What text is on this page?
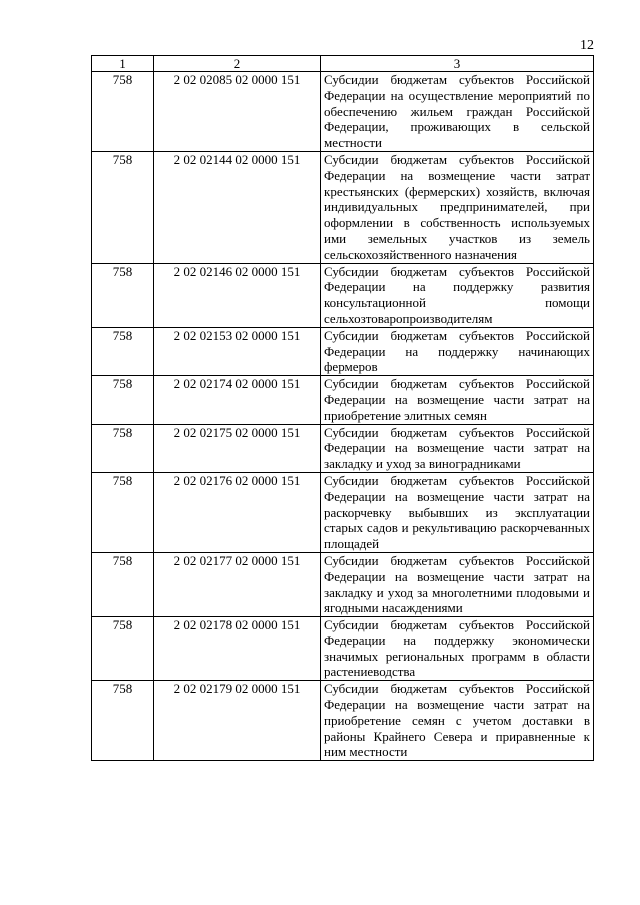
12
1	2	3
758	2 02 02085 02 0000 151	Субсидии бюджетам субъектов Российской Федерации на осуществление мероприятий по обеспечению жильем граждан Российской Федерации, проживающих в сельской местности
758	2 02 02144 02 0000 151	Субсидии бюджетам субъектов Российской Федерации на возмещение части затрат крестьянских (фермерских) хозяйств, включая индивидуальных предпринимателей, при оформлении в собственность используемых ими земельных участков из земель сельскохозяйственного назначения
758	2 02 02146 02 0000 151	Субсидии бюджетам субъектов Российской Федерации на поддержку развития консультационной помощи сельхозтоваропроизводителям
758	2 02 02153 02 0000 151	Субсидии бюджетам субъектов Российской Федерации на поддержку начинающих фермеров
758	2 02 02174 02 0000 151	Субсидии бюджетам субъектов Российской Федерации на возмещение части затрат на приобретение элитных семян
758	2 02 02175 02 0000 151	Субсидии бюджетам субъектов Российской Федерации на возмещение части затрат на закладку и уход за виноградниками
758	2 02 02176 02 0000 151	Субсидии бюджетам субъектов Российской Федерации на возмещение части затрат на раскорчевку выбывших из эксплуатации старых садов и рекультивацию раскорчеванных площадей
758	2 02 02177 02 0000 151	Субсидии бюджетам субъектов Российской Федерации на возмещение части затрат на закладку и уход за многолетними плодовыми и ягодными насаждениями
758	2 02 02178 02 0000 151	Субсидии бюджетам субъектов Российской Федерации на поддержку экономически значимых региональных программ в области растениеводства
758	2 02 02179 02 0000 151	Субсидии бюджетам субъектов Российской Федерации на возмещение части затрат на приобретение семян с учетом доставки в районы Крайнего Севера и приравненные к ним местности
